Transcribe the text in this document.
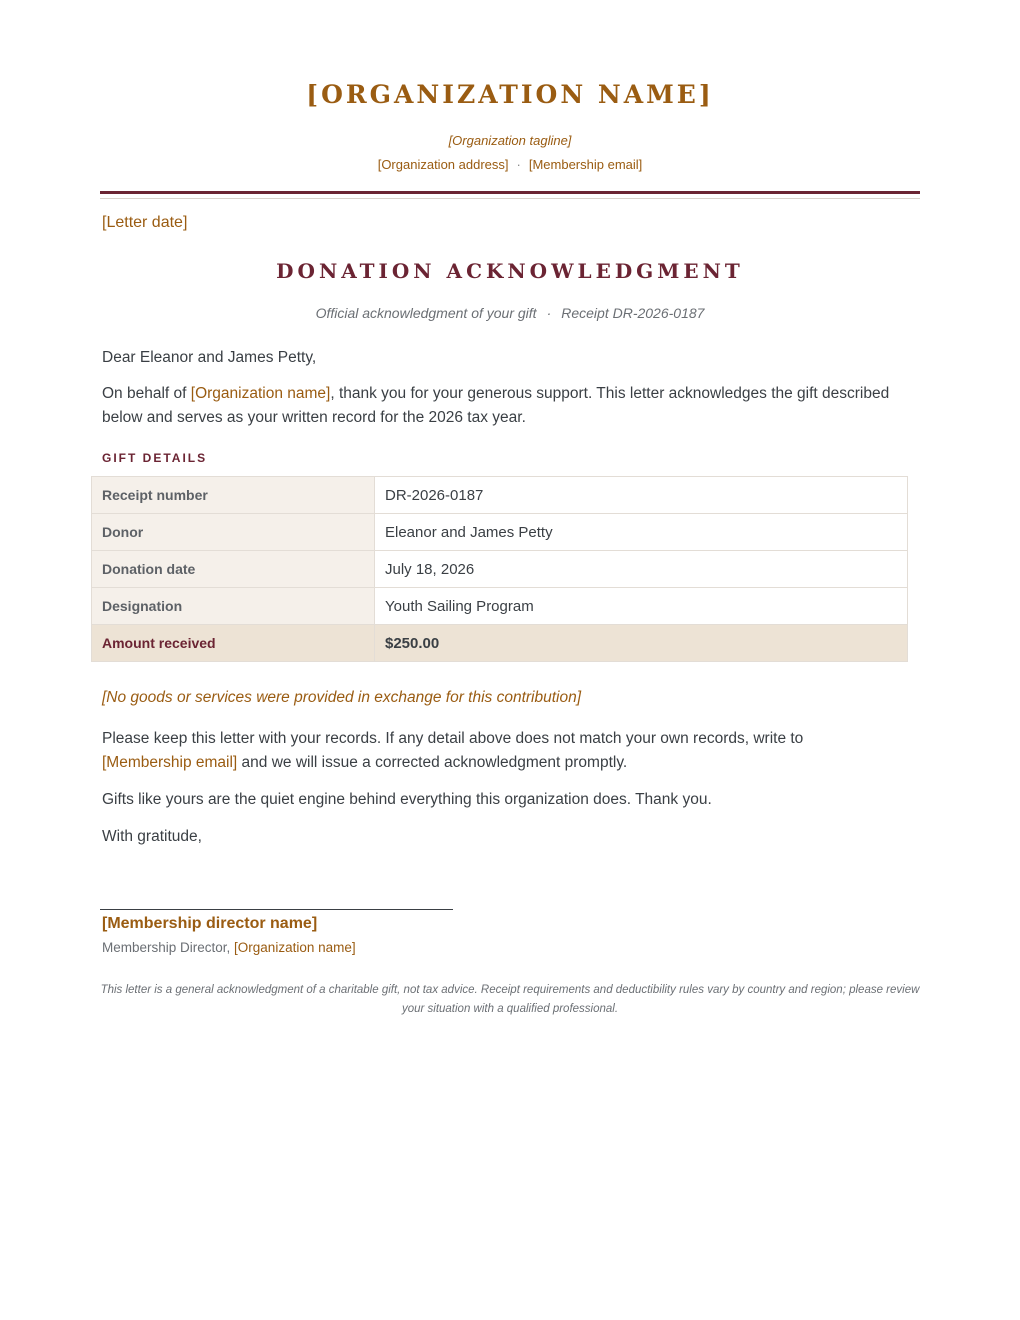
[ORGANIZATION NAME]
[Organization tagline]
[Organization address] · [Membership email]
[Letter date]
DONATION ACKNOWLEDGMENT
Official acknowledgment of your gift · Receipt DR-2026-0187
Dear Eleanor and James Petty,
On behalf of [Organization name], thank you for your generous support. This letter acknowledges the gift described below and serves as your written record for the 2026 tax year.
GIFT DETAILS
Receipt number	DR-2026-0187
Donor	Eleanor and James Petty
Donation date	July 18, 2026
Designation	Youth Sailing Program
Amount received	$250.00
[No goods or services were provided in exchange for this contribution]
Please keep this letter with your records. If any detail above does not match your own records, write to [Membership email] and we will issue a corrected acknowledgment promptly.
Gifts like yours are the quiet engine behind everything this organization does. Thank you.
With gratitude,
[Membership director name]
Membership Director, [Organization name]
This letter is a general acknowledgment of a charitable gift, not tax advice. Receipt requirements and deductibility rules vary by country and region; please review your situation with a qualified professional.
